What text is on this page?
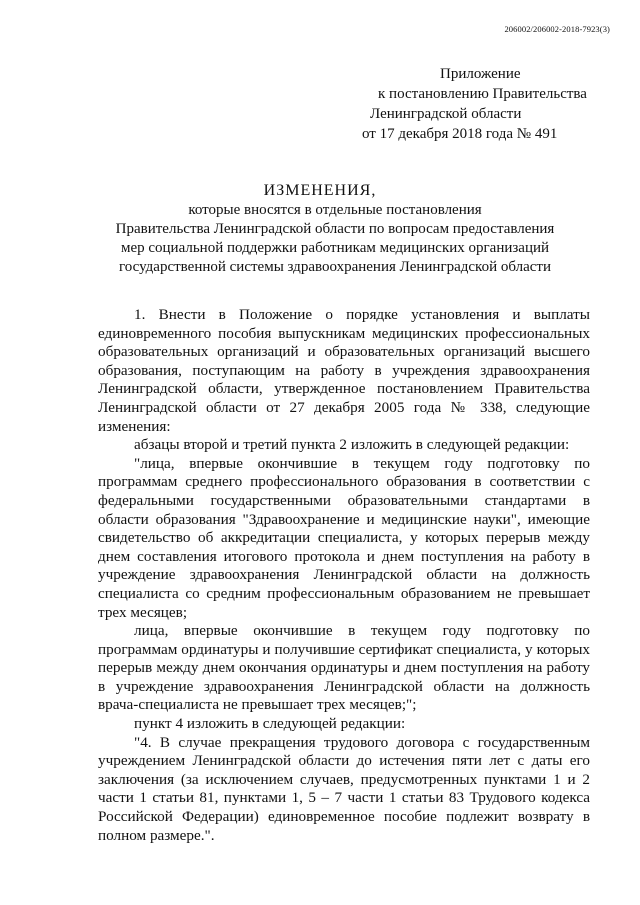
206002/206002-2018-7923(3)
Приложение
к постановлению Правительства
Ленинградской области
от 17 декабря 2018 года № 491
ИЗМЕНЕНИЯ,
которые вносятся в отдельные постановления
Правительства Ленинградской области по вопросам предоставления
мер социальной поддержки работникам медицинских организаций
государственной системы здравоохранения Ленинградской области

1. Внести в Положение о порядке установления и выплаты единовременного пособия выпускникам медицинских профессиональных образовательных организаций и образовательных организаций высшего образования, поступающим на работу в учреждения здравоохранения Ленинградской области, утвержденное постановлением Правительства Ленинградской области от 27 декабря 2005 года № 338, следующие изменения:

абзацы второй и третий пункта 2 изложить в следующей редакции:

"лица, впервые окончившие в текущем году подготовку по программам среднего профессионального образования в соответствии с федеральными государственными образовательными стандартами в области образования "Здравоохранение и медицинские науки", имеющие свидетельство об аккредитации специалиста, у которых перерыв между днем составления итогового протокола и днем поступления на работу в учреждение здравоохранения Ленинградской области на должность специалиста со средним профессиональным образованием не превышает трех месяцев;

лица, впервые окончившие в текущем году подготовку по программам ординатуры и получившие сертификат специалиста, у которых перерыв между днем окончания ординатуры и днем поступления на работу в учреждение здравоохранения Ленинградской области на должность врача-специалиста не превышает трех месяцев;";

пункт 4 изложить в следующей редакции:

"4. В случае прекращения трудового договора с государственным учреждением Ленинградской области до истечения пяти лет с даты его заключения (за исключением случаев, предусмотренных пунктами 1 и 2 части 1 статьи 81, пунктами 1, 5 – 7 части 1 статьи 83 Трудового кодекса Российской Федерации) единовременное пособие подлежит возврату в полном размере.".
